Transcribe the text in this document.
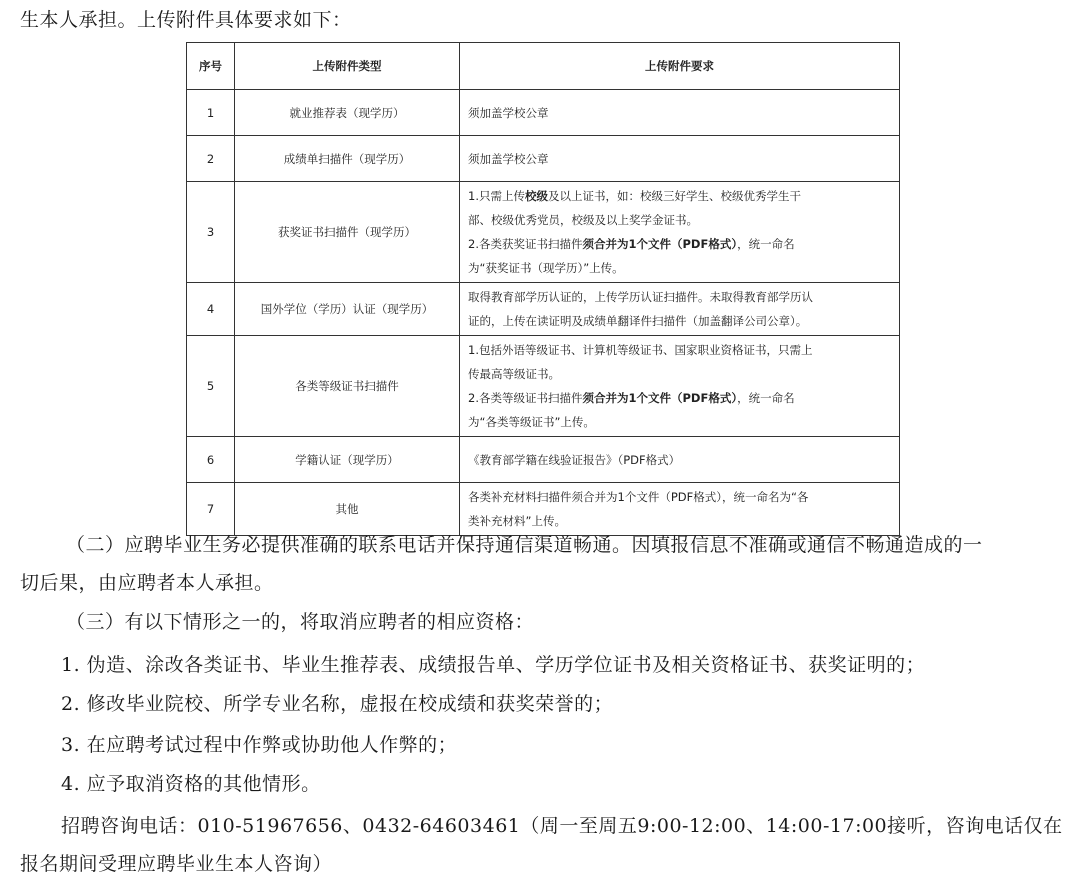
生本人承担。上传附件具体要求如下：
序号	上传附件类型	上传附件要求
1	就业推荐表（现学历）	须加盖学校公章

2	成绩单扫描件（现学历）	须加盖学校公章

3	获奖证书扫描件（现学历）	1.只需上传校级及以上证书，如：校级三好学生、校级优秀学生干
部、校级优秀党员，校级及以上奖学金证书。
2.各类获奖证书扫描件须合并为1个文件（PDF格式），统一命名
为“获奖证书（现学历）”上传。

4	国外学位（学历）认证（现学历）	取得教育部学历认证的，上传学历认证扫描件。未取得教育部学历认
证的，上传在读证明及成绩单翻译件扫描件（加盖翻译公司公章）。

5	各类等级证书扫描件	1.包括外语等级证书、计算机等级证书、国家职业资格证书，只需上
传最高等级证书。
2.各类等级证书扫描件须合并为1个文件（PDF格式），统一命名
为“各类等级证书”上传。

6	学籍认证（现学历）	《教育部学籍在线验证报告》（PDF格式）

7	其他	各类补充材料扫描件须合并为1个文件（PDF格式），统一命名为“各
类补充材料”上传。
（二）应聘毕业生务必提供准确的联系电话并保持通信渠道畅通。因填报信息不准确或通信不畅通造成的一
切后果，由应聘者本人承担。
（三）有以下情形之一的，将取消应聘者的相应资格：
1. 伪造、涂改各类证书、毕业生推荐表、成绩报告单、学历学位证书及相关资格证书、获奖证明的；
2. 修改毕业院校、所学专业名称，虚报在校成绩和获奖荣誉的；
3. 在应聘考试过程中作弊或协助他人作弊的；
4. 应予取消资格的其他情形。
招聘咨询电话：010-51967656、0432-64603461（周一至周五9:00-12:00、14:00-17:00接听，咨询电话仅在
报名期间受理应聘毕业生本人咨询）
